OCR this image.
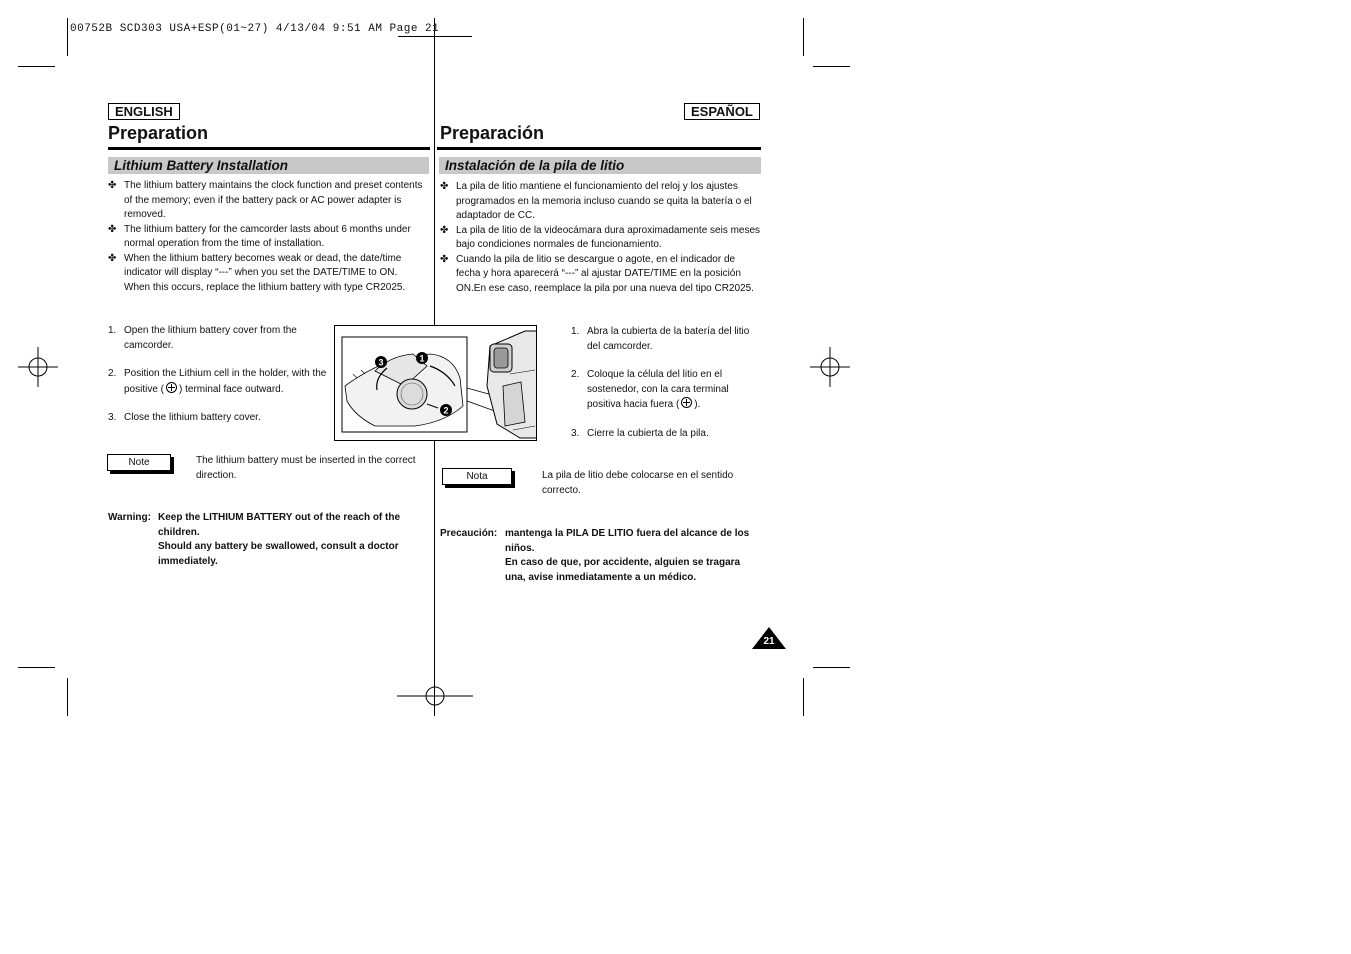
00752B SCD303 USA+ESP(01~27) 4/13/04 9:51 AM Page 21
ENGLISH
Preparation
Lithium Battery Installation
✤ The lithium battery maintains the clock function and preset contents of the memory; even if the battery pack or AC power adapter is removed.
✤ The lithium battery for the camcorder lasts about 6 months under normal operation from the time of installation.
✤ When the lithium battery becomes weak or dead, the date/time indicator will display “---” when you set the DATE/TIME to ON. When this occurs, replace the lithium battery with type CR2025.
1. Open the lithium battery cover from the camcorder.
2. Position the Lithium cell in the holder, with the positive ( ) terminal face outward.
3. Close the lithium battery cover.
3	1
2
Note	The lithium battery must be inserted in the correct direction.
Warning: Keep the LITHIUM BATTERY out of the reach of the children.
Should any battery be swallowed, consult a doctor immediately.
ESPAÑOL
Preparación
Instalación de la pila de litio
✤ La pila de litio mantiene el funcionamiento del reloj y los ajustes programados en la memoria incluso cuando se quita la batería o el adaptador de CC.
✤ La pila de litio de la videocámara dura aproximadamente seis meses bajo condiciones normales de funcionamiento.
✤ Cuando la pila de litio se descargue o agote, en el indicador de fecha y hora aparecerá “---” al ajustar DATE/TIME en la posición ON.En ese caso, reemplace la pila por una nueva del tipo CR2025.
1. Abra la cubierta de la batería del litio del camcorder.
2. Coloque la célula del litio en el sostenedor, con la cara terminal positiva hacia fuera ( ).
3. Cierre la cubierta de la pila.
Nota	La pila de litio debe colocarse en el sentido correcto.
Precaución: mantenga la PILA DE LITIO fuera del alcance de los niños.
En caso de que, por accidente, alguien se tragara una, avise inmediatamente a un médico.
21
